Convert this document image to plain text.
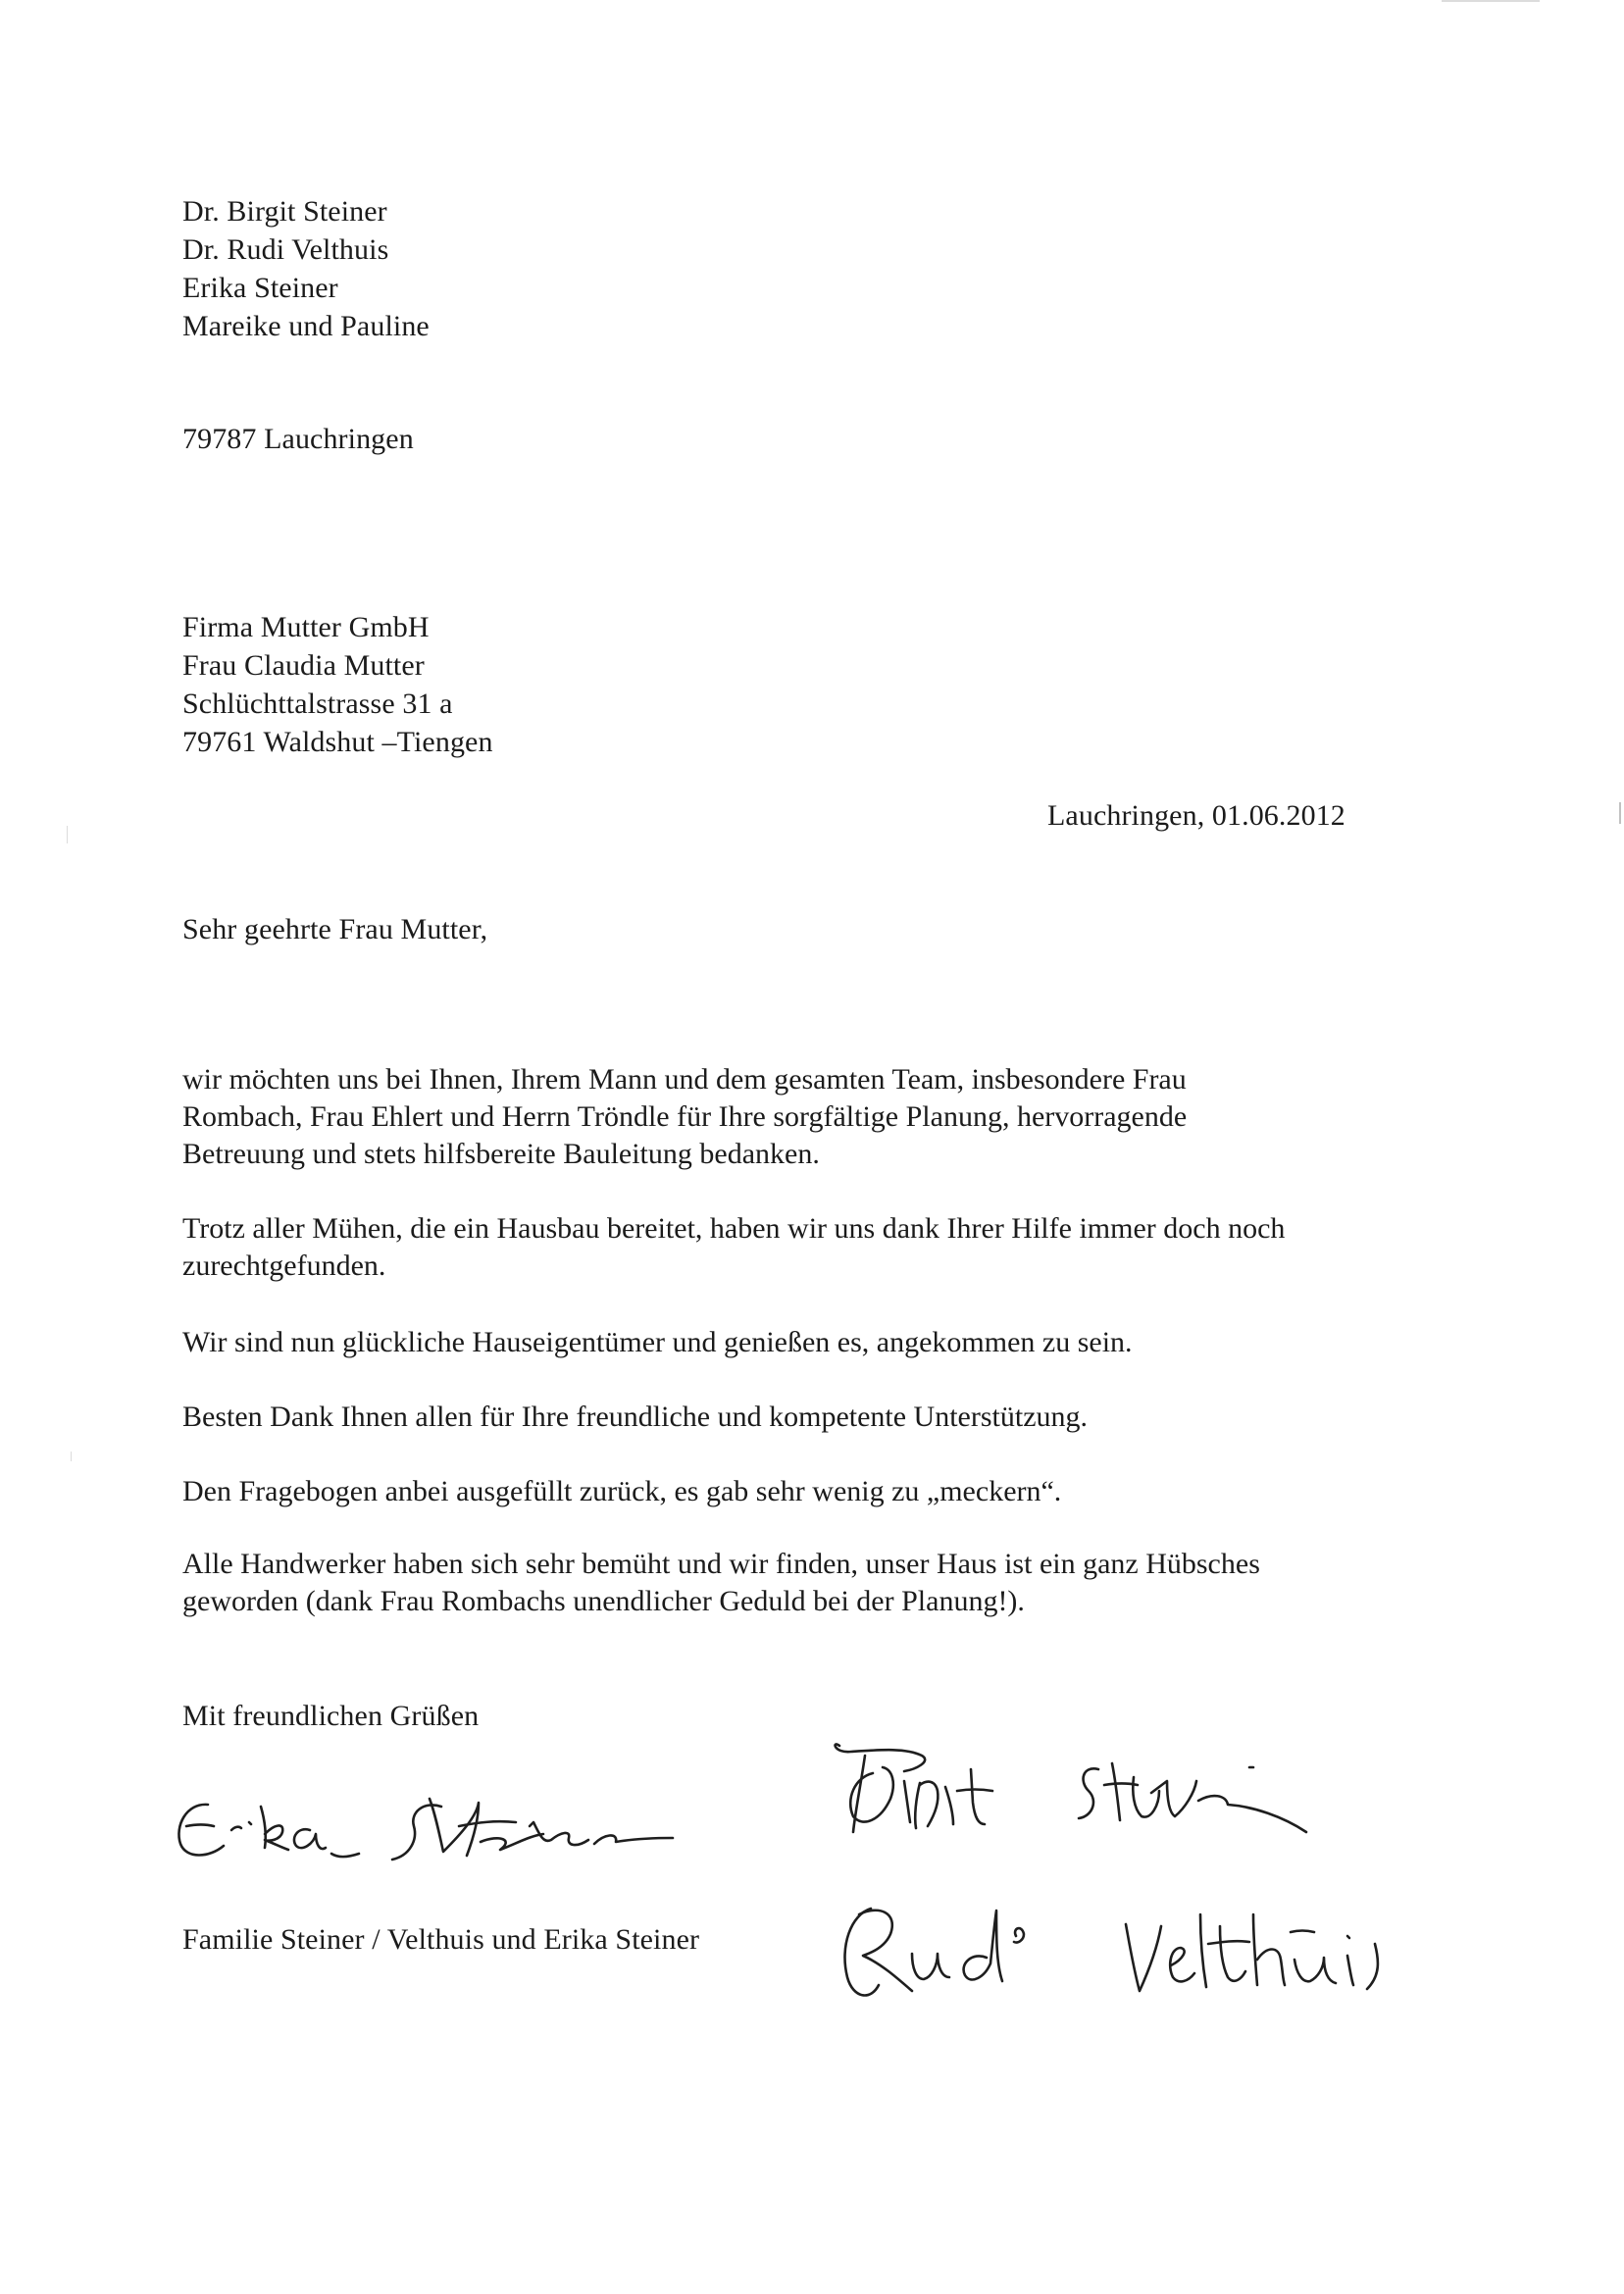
Dr. Birgit Steiner
Dr. Rudi Velthuis
Erika Steiner
Mareike und Pauline
79787 Lauchringen
Firma Mutter GmbH
Frau Claudia Mutter
Schlüchttalstrasse 31 a
79761 Waldshut –Tiengen
Lauchringen, 01.06.2012
Sehr geehrte Frau Mutter,

wir möchten uns bei Ihnen, Ihrem Mann und dem gesamten Team, insbesondere Frau
Rombach, Frau Ehlert und Herrn Tröndle für Ihre sorgfältige Planung, hervorragende
Betreuung und stets hilfsbereite Bauleitung bedanken.

Trotz aller Mühen, die ein Hausbau bereitet, haben wir uns dank Ihrer Hilfe immer doch noch
zurechtgefunden.

Wir sind nun glückliche Hauseigentümer und genießen es, angekommen zu sein.

Besten Dank Ihnen allen für Ihre freundliche und kompetente Unterstützung.

Den Fragebogen anbei ausgefüllt zurück, es gab sehr wenig zu „meckern“.

Alle Handwerker haben sich sehr bemüht und wir finden, unser Haus ist ein ganz Hübsches
geworden (dank Frau Rombachs unendlicher Geduld bei der Planung!).

Mit freundlichen Grüßen
Familie Steiner / Velthuis und Erika Steiner
